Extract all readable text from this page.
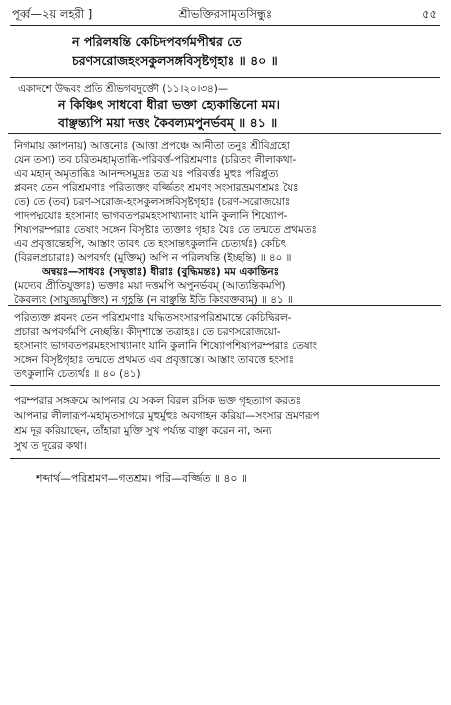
পূর্ব্ব—২য় লহরী ]	শ্রীভক্তিরসামৃতসিন্ধুঃ	৫৫
ন পরিলষন্তি কেচিদপবর্গমপীশ্বর তে
চরণসরোজহংসকুলসঙ্গবিসৃষ্টগৃহাঃ ॥ ৪০ ॥
একাদশে উদ্ধবং প্রতি শ্রীভগবদুক্তৌ (১১।২০।৩৪)—
ন কিঞ্চিৎ সাধবো ধীরা ভক্তা হ্যেকান্তিনো মম।
বাঞ্ছন্ত্যপি ময়া দত্তং কৈবল্যমপুনর্ভবম্‌ ॥ ৪১ ॥
নিগমায় জ্ঞাপনায়) আত্তনোঃ (আত্তা প্রপঞ্চে আনীতা তনুঃ শ্রীবিগ্রহো
যেন তস্য) তব চরিতমহামৃতাব্ধি-পরিবর্ত্ত-পরিশ্রমণাঃ (চরিতং লীলাকথা-
এব মহান্‌ অমৃতাব্ধিঃ আনন্দসমুদ্রঃ তত্র যঃ পরিবর্ত্তঃ মুহুঃ পরিপ্লুত্য
প্লবনং তেন পরিশ্রমণাঃ পরিত্যক্তং বর্জ্জিতং শ্রমণং সংসারভ্রমণশ্রমঃ যৈঃ
তে) তে (তব) চরণ-সরোজ-হংসকুলসঙ্গবিসৃষ্টগৃহাঃ (চরণ-সরোজয়োঃ
পাদপদ্মযোঃ হংসানাং ভাগবতপরমহংসাখ্যানাং যানি কুলানি শিষ্যোপ-
শিষ্যপরম্পরাঃ তেষাং সঙ্গেন বিসৃষ্টাঃ ত্যক্তাঃ গৃহাঃ যৈঃ তে তন্মতে প্রথমতঃ
এব প্রবৃত্তান্তেহপি, আস্তাং তাবৎ তে হংসান্তৎকুলানি চেত্যর্থঃ) কেচিৎ
(বিরলপ্রচারাঃ) অপবর্গং (মুক্তিম্‌) অপি ন পরিলষন্তি (ইচ্ছন্তি) ॥ ৪০ ॥
অন্বয়ঃ—সাধবঃ (সদ্বৃত্তাঃ) ধীরাঃ (বুদ্ধিমন্তঃ) মম একান্তিনঃ
(মদ্যেব প্রীতিযুক্তাঃ) ভক্তাঃ ময়া দত্তমপি অপুনর্ভবম্‌ (আত্যন্তিকমপি)
কৈবল্যং (সাযুজ্যমুক্তিং) ন গৃহ্ণন্তি (ন বাঞ্ছন্তি ইতি কিংবক্তব্যম্‌) ॥ ৪১ ॥
পরিত্যক্ত প্লবনং তেন পরিশ্রমণাঃ যদ্ধিতসংসারপরিশ্রমান্তে কেচিদ্বিরল-
প্রচারা অপবর্গমপি নেচ্ছন্তি। কীদৃশাস্তে তত্রাহঃ। তে চরণসরোজয়ো-
হংসানাং ভাগবতপরমহংসাখ্যানাং যানি কুলানি শিষ্যোপশিষ্যপরম্পরাঃ তেষাং
সঙ্গেন বিসৃষ্টগৃহাঃ তন্মতে প্রথমত এব প্রবৃত্তাস্তে। আস্তাং তাবত্তে হংসাঃ
তৎকুলানি চেত্যর্থঃ ॥ ৪০ (৪১)
পরম্পরার সঙ্গক্রমে আপনার যে সকল বিরল রসিক ভক্ত গৃহত্যাগ করতঃ
আপনার লীলারূপ-মহামৃতসাগরে মুহুর্মুহুঃ অবগাহন করিয়া—সংসার ভ্রমণরূপ
শ্রম দূর করিয়াছেন, তাঁহারা মুক্তি সুখ পর্য্যন্ত বাঞ্ছা করেন না, অন্য
সুখ ত দূরের কথা।
শব্দার্থ—পরিশ্রমণ—গতশ্রম। পরি—বর্জ্জিত ॥ ৪০ ॥
